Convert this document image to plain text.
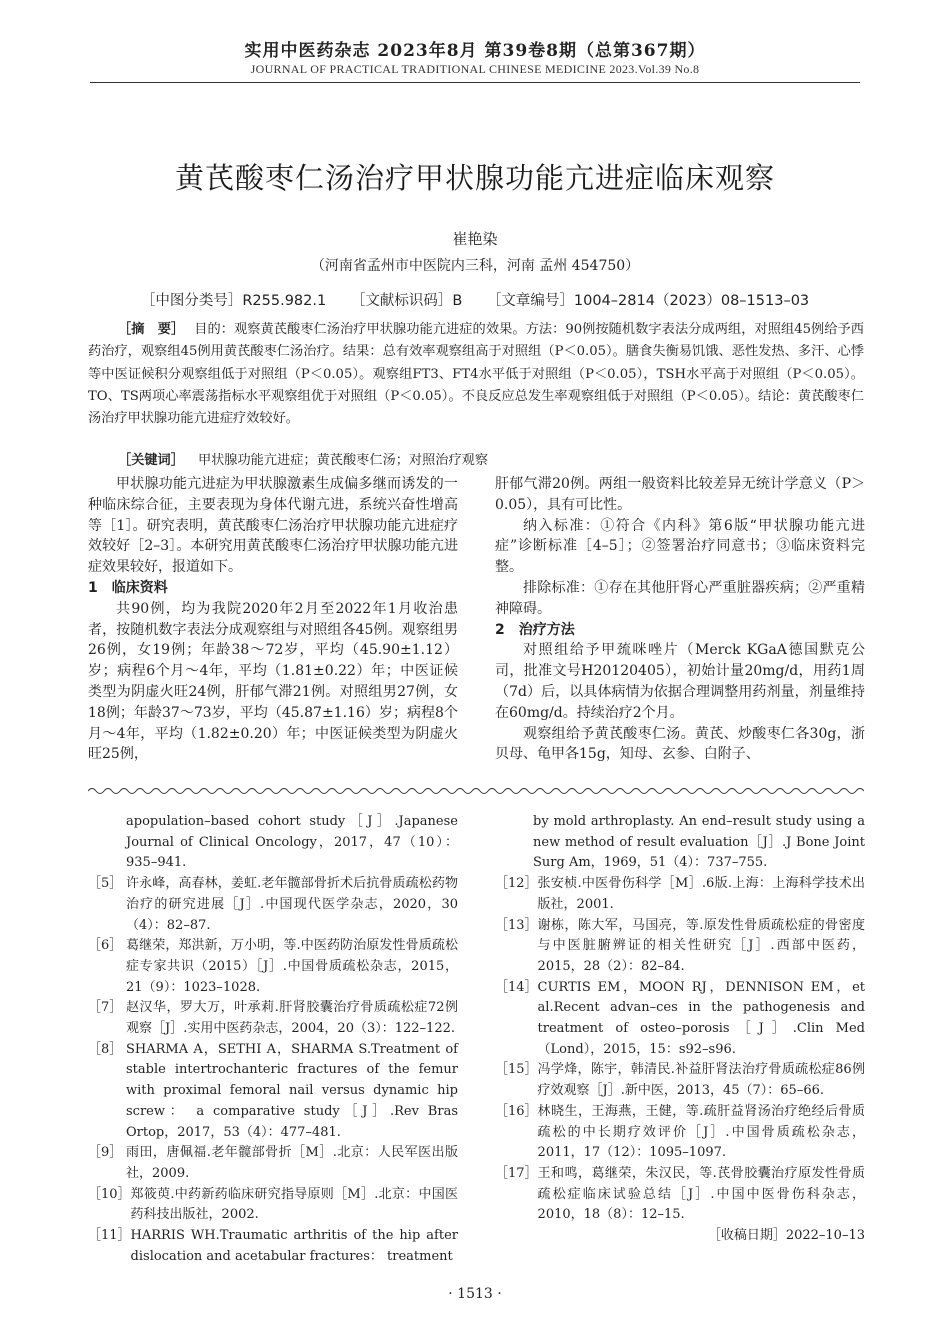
实用中医药杂志 2023年8月 第39卷8期（总第367期）
JOURNAL OF PRACTICAL TRADITIONAL CHINESE MEDICINE 2023.Vol.39 No.8
黄芪酸枣仁汤治疗甲状腺功能亢进症临床观察
崔艳染
（河南省孟州市中医院内三科，河南 孟州 454750）
［中图分类号］R255.982.1 ［文献标识码］B ［文章编号］1004–2814（2023）08–1513–03
［摘　要］ 目的：观察黄芪酸枣仁汤治疗甲状腺功能亢进症的效果。方法：90例按随机数字表法分成两组，对照组45例给予西药治疗，观察组45例用黄芪酸枣仁汤治疗。结果：总有效率观察组高于对照组（P＜0.05）。膳食失衡易饥饿、恶性发热、多汗、心悸等中医证候积分观察组低于对照组（P＜0.05）。观察组FT3、FT4水平低于对照组（P＜0.05），TSH水平高于对照组（P＜0.05）。TO、TS两项心率震荡指标水平观察组优于对照组（P＜0.05）。不良反应总发生率观察组低于对照组（P＜0.05）。结论：黄芪酸枣仁汤治疗甲状腺功能亢进症疗效较好。
［关键词］ 甲状腺功能亢进症；黄芪酸枣仁汤；对照治疗观察

甲状腺功能亢进症为甲状腺激素生成偏多继而诱发的一种临床综合征，主要表现为身体代谢亢进，系统兴奋性增高等［1］。研究表明，黄芪酸枣仁汤治疗甲状腺功能亢进症疗效较好［2–3］。本研究用黄芪酸枣仁汤治疗甲状腺功能亢进症效果较好，报道如下。

1　临床资料

共90例，均为我院2020年2月至2022年1月收治患者，按随机数字表法分成观察组与对照组各45例。观察组男26例，女19例；年龄38～72岁，平均（45.90±1.12）岁；病程6个月～4年，平均（1.81±0.22）年；中医证候类型为阴虚火旺24例，肝郁气滞21例。对照组男27例，女18例；年龄37～73岁，平均（45.87±1.16）岁；病程8个月～4年，平均（1.82±0.20）年；中医证候类型为阴虚火旺25例，

肝郁气滞20例。两组一般资料比较差异无统计学意义（P＞0.05），具有可比性。

纳入标准：①符合《内科》第6版“甲状腺功能亢进症”诊断标准［4–5］；②签署治疗同意书；③临床资料完整。

排除标准：①存在其他肝肾心严重脏器疾病；②严重精神障碍。

2　治疗方法

对照组给予甲巯咪唑片（Merck KGaA德国默克公司，批准文号H20120405），初始计量20mg/d，用药1周（7d）后，以具体病情为依据合理调整用药剂量，剂量维持在60mg/d。持续治疗2个月。

观察组给予黄芪酸枣仁汤。黄芪、炒酸枣仁各30g，浙贝母、龟甲各15g，知母、玄参、白附子、

apopulation–based cohort study［J］.Japanese Journal of Clinical Oncology，2017，47（10）：935–941.
［5］ 许永峰，高春林，姜虹.老年髋部骨折术后抗骨质疏松药物治疗的研究进展［J］.中国现代医学杂志，2020，30（4）：82–87.
［6］ 葛继荣，郑洪新，万小明，等.中医药防治原发性骨质疏松症专家共识（2015）［J］.中国骨质疏松杂志，2015，21（9）：1023–1028.
［7］ 赵汉华，罗大万，叶承莉.肝肾胶囊治疗骨质疏松症72例观察［J］.实用中医药杂志，2004，20（3）：122–122.
［8］ SHARMA A，SETHI A，SHARMA S.Treatment of stable intertrochanteric fractures of the femur with proximal femoral nail versus dynamic hip screw： a comparative study［J］.Rev Bras Ortop，2017，53（4）：477–481.
［9］ 雨田，唐佩福.老年髋部骨折［M］.北京：人民军医出版社，2009.
［10］ 郑筱萸.中药新药临床研究指导原则［M］.北京：中国医药科技出版社，2002.
［11］ HARRIS WH.Traumatic arthritis of the hip after dislocation and acetabular fractures： treatment
by mold arthroplasty. An end–result study using a new method of result evaluation［J］.J Bone Joint Surg Am，1969，51（4）：737–755.
［12］ 张安桢.中医骨伤科学［M］.6版.上海：上海科学技术出版社，2001.
［13］ 谢栋，陈大军，马国亮，等.原发性骨质疏松症的骨密度与中医脏腑辨证的相关性研究［J］.西部中医药，2015，28（2）：82–84.
［14］ CURTIS EM，MOON RJ，DENNISON EM，et al.Recent advan–ces in the pathogenesis and treatment of osteo–porosis［J］.Clin Med（Lond），2015，15：s92–s96.
［15］ 冯学烽，陈宇，韩清民.补益肝肾法治疗骨质疏松症86例疗效观察［J］.新中医，2013，45（7）：65–66.
［16］ 林晓生，王海燕，王健，等.疏肝益肾汤治疗绝经后骨质疏松的中长期疗效评价［J］.中国骨质疏松杂志，2011，17（12）：1095–1097.
［17］ 王和鸣，葛继荣，朱汉民，等.芪骨胶囊治疗原发性骨质疏松症临床试验总结［J］.中国中医骨伤科杂志，2010，18（8）：12–15.

［收稿日期］2022–10–13

· 1513 ·
